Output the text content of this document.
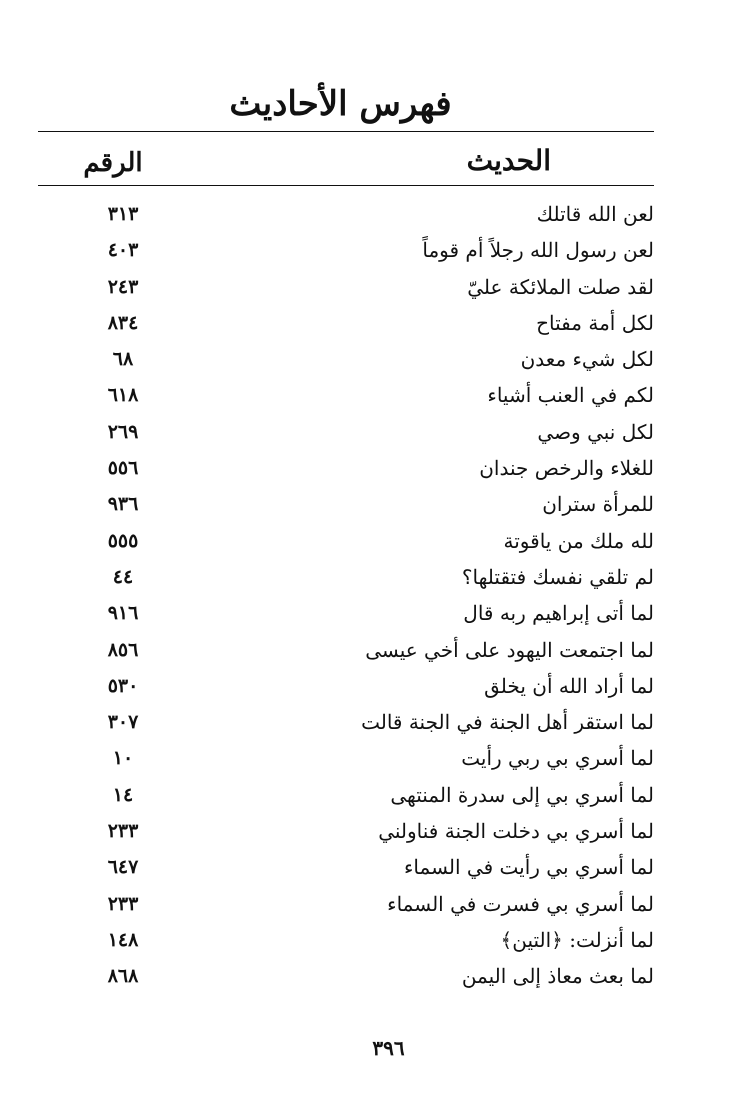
فهرس الأحاديث
الحديث
الرقم
لعن الله قاتلك
٣١٣
لعن رسول الله رجلاً أم قوماً
٤٠٣
لقد صلت الملائكة عليّ
٢٤٣
لكل أمة مفتاح
٨٣٤
لكل شيء معدن
٦٨
لكم في العنب أشياء
٦١٨
لكل نبي وصي
٢٦٩
للغلاء والرخص جندان
٥٥٦
للمرأة ستران
٩٣٦
لله ملك من ياقوتة
٥٥٥
لم تلقي نفسك فتقتلها؟
٤٤
لما أتى إبراهيم ربه قال
٩١٦
لما اجتمعت اليهود على أخي عيسى
٨٥٦
لما أراد الله أن يخلق
٥٣٠
لما استقر أهل الجنة في الجنة قالت
٣٠٧
لما أسري بي ربي رأيت
١٠
لما أسري بي إلى سدرة المنتهى
١٤
لما أسري بي دخلت الجنة فناولني
٢٣٣
لما أسري بي رأيت في السماء
٦٤٧
لما أسري بي فسرت في السماء
٢٣٣
لما أنزلت: ﴿التين﴾
١٤٨
لما بعث معاذ إلى اليمن
٨٦٨
٣٩٦
